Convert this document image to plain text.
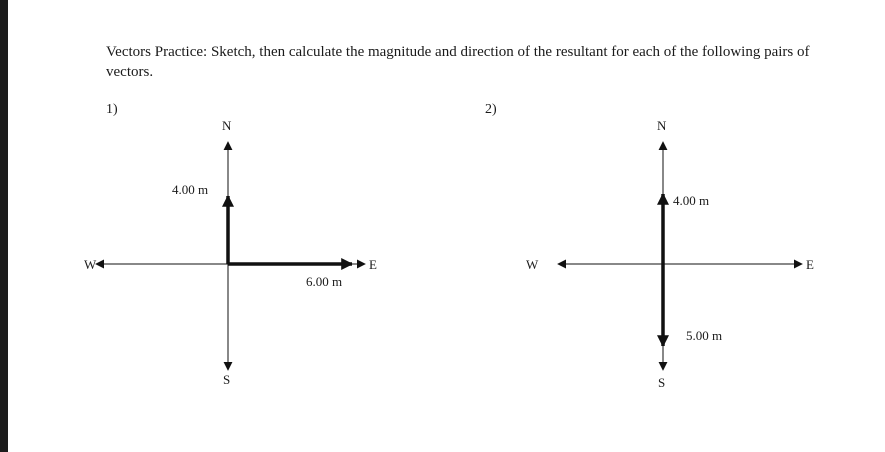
Vectors Practice: Sketch, then calculate the magnitude and direction of the resultant for each of the following pairs of vectors.
1)
N
S
E
W
4.00 m
6.00 m
2)
N
S
E
W
4.00 m
5.00 m
